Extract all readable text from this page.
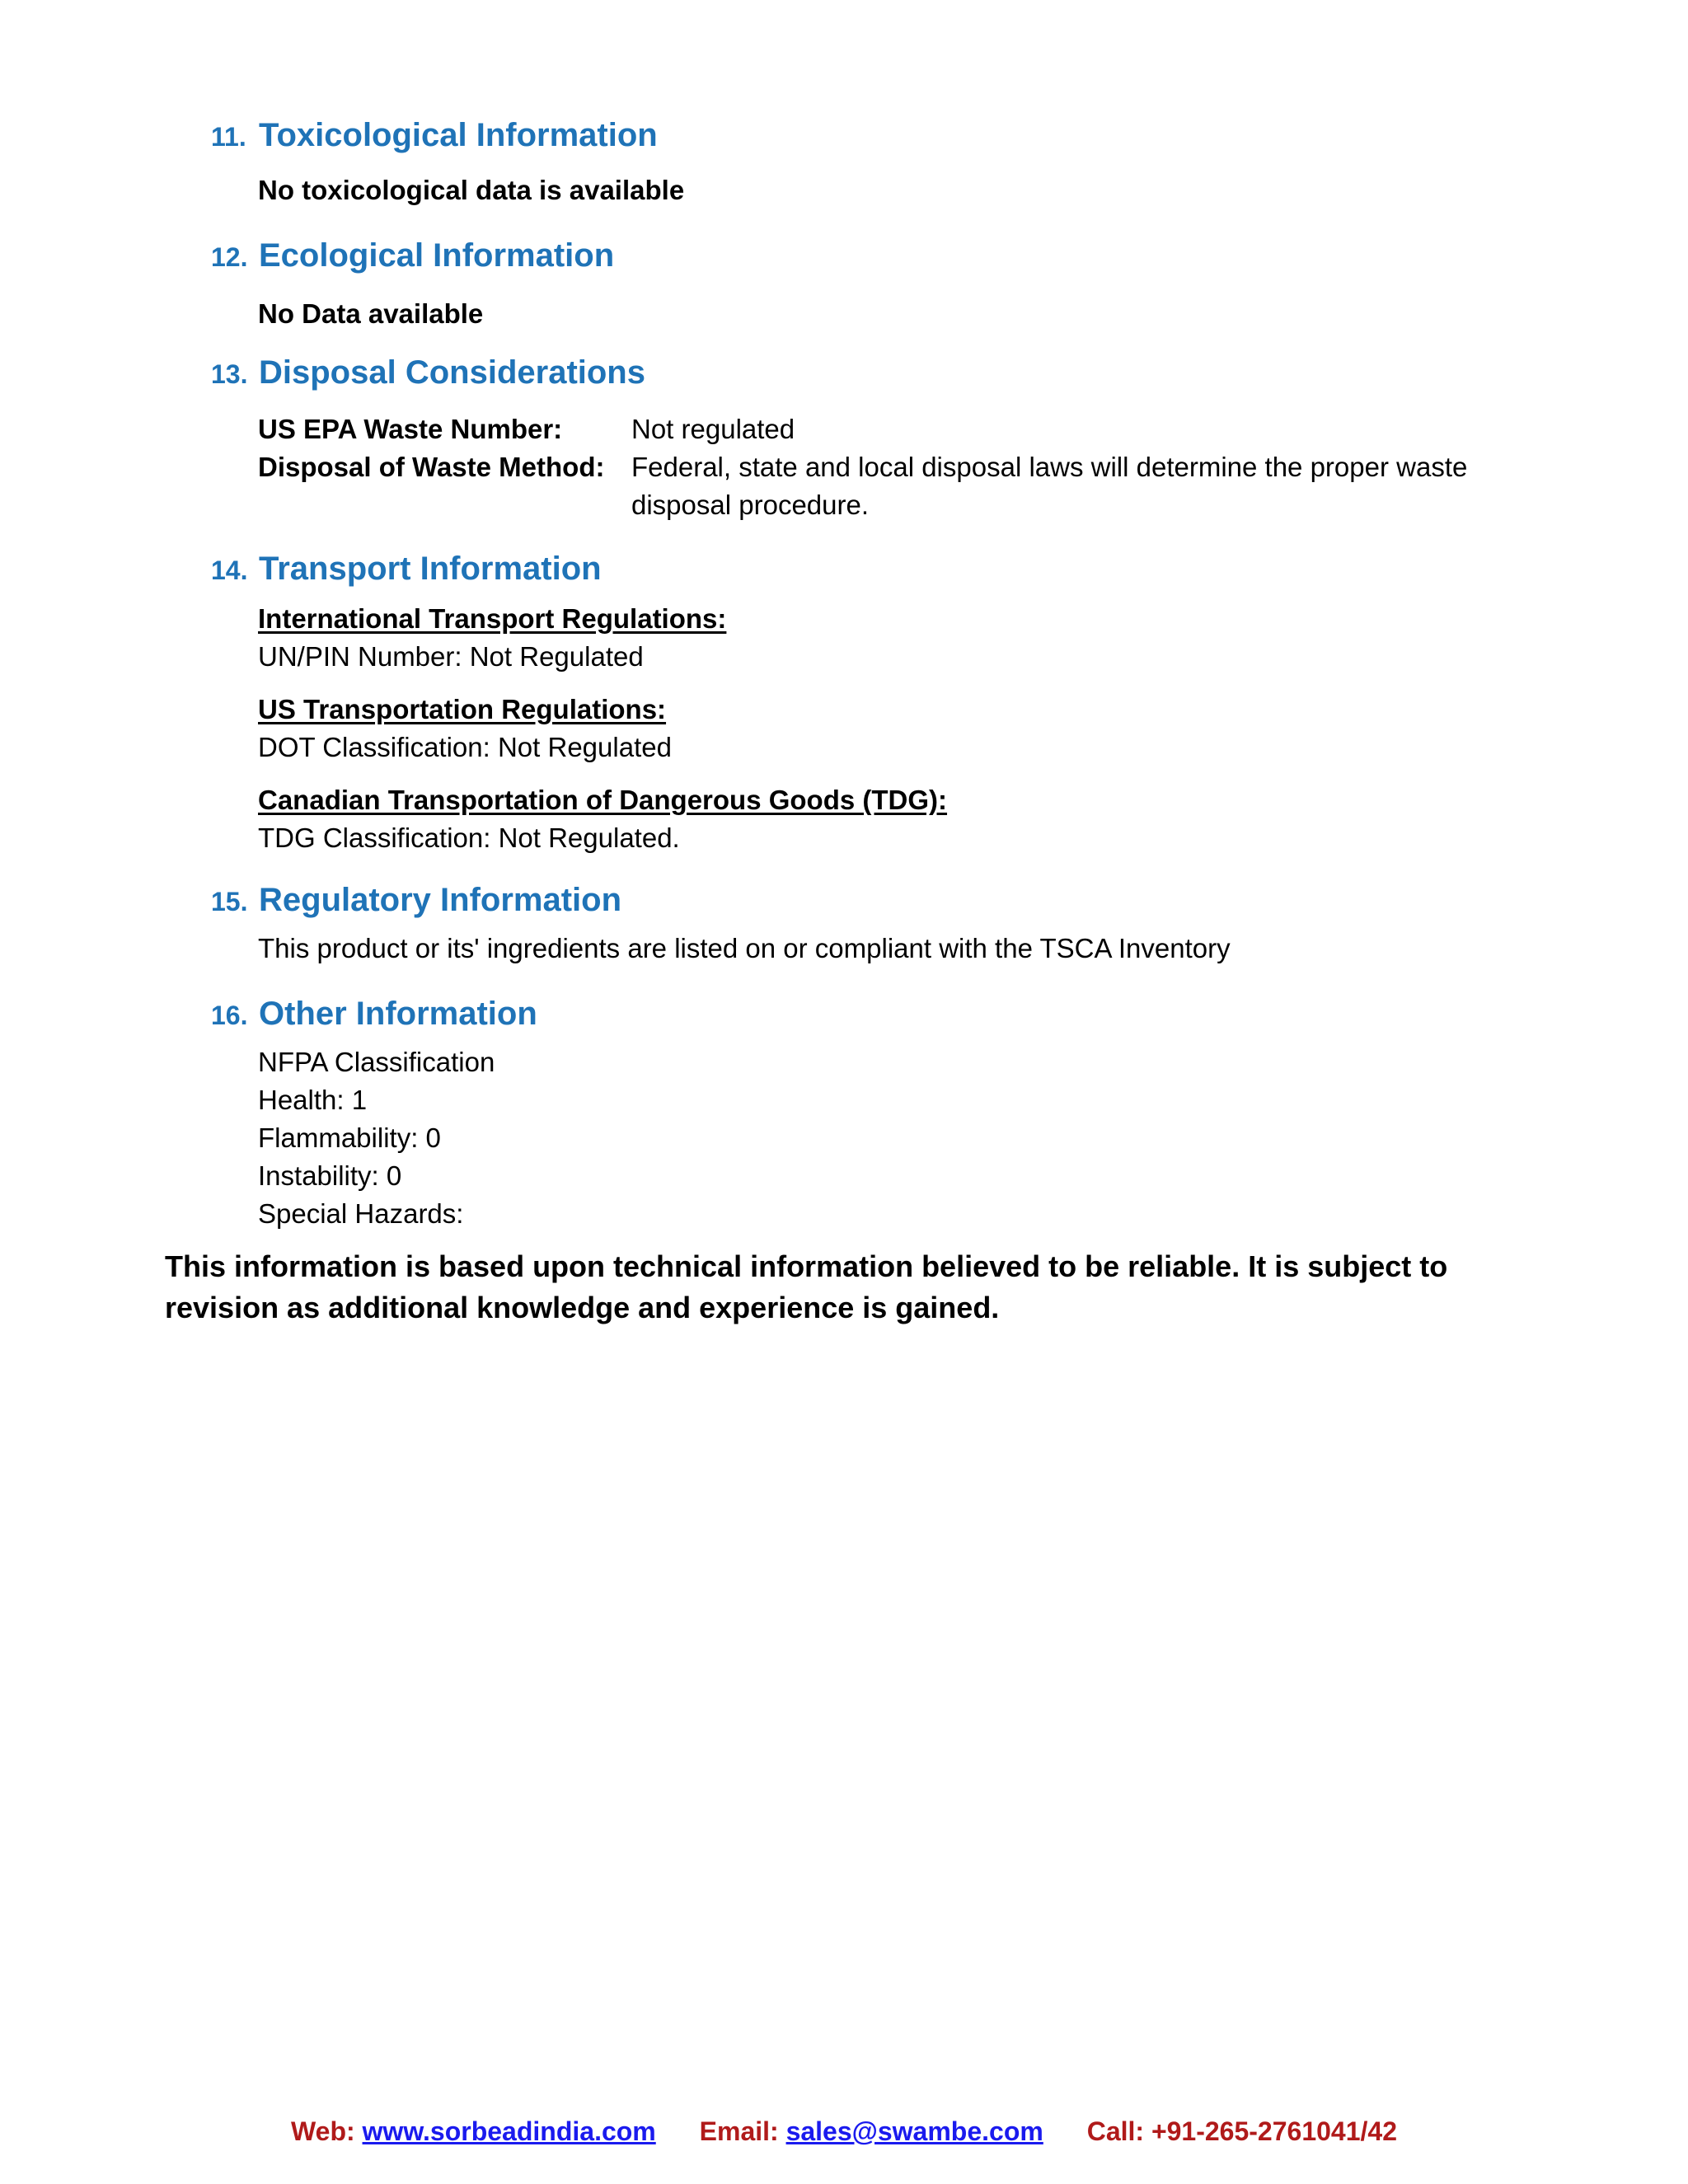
11. Toxicological Information
No toxicological data is available
12. Ecological Information
No Data available
13. Disposal Considerations
US EPA Waste Number:	Not regulated
Disposal of Waste Method: Federal, state and local disposal laws will determine the proper waste disposal procedure.
14. Transport Information
International Transport Regulations:
UN/PIN Number: Not Regulated
US Transportation Regulations:
DOT Classification: Not Regulated
Canadian Transportation of Dangerous Goods (TDG):
TDG Classification: Not Regulated.
15. Regulatory Information
This product or its' ingredients are listed on or compliant with the TSCA Inventory
16. Other Information
NFPA Classification
Health: 1
Flammability: 0
Instability: 0
Special Hazards:
This information is based upon technical information believed to be reliable. It is subject to revision as additional knowledge and experience is gained.
Web: www.sorbeadindia.com Email: sales@swambe.com Call: +91-265-2761041/42
